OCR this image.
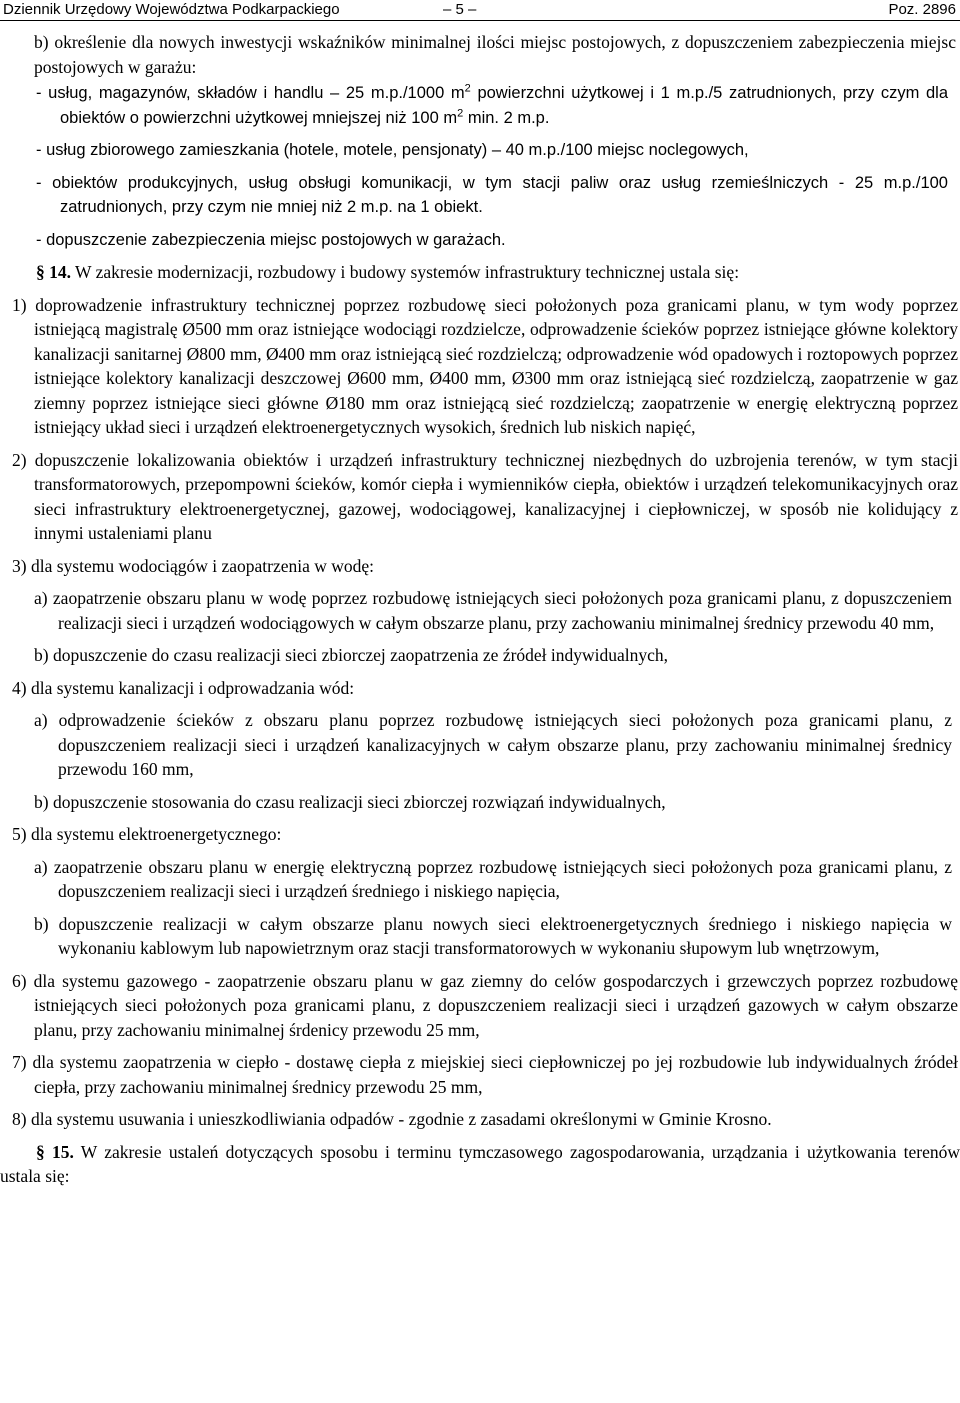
Dziennik Urzędowy Województwa Podkarpackiego	– 5 –	Poz. 2896

b) określenie dla nowych inwestycji wskaźników minimalnej ilości miejsc postojowych, z dopuszczeniem zabezpieczenia miejsc postojowych w garażu:

- usług, magazynów, składów i handlu – 25 m.p./1000 $m^2$ powierzchni użytkowej i 1 m.p./5 zatrudnionych, przy czym dla obiektów o powierzchni użytkowej mniejszej niż 100 $m^2$ min. 2 m.p.

- usług zbiorowego zamieszkania (hotele, motele, pensjonaty) – 40 m.p./100 miejsc noclegowych,

- obiektów produkcyjnych, usług obsługi komunikacji, w tym stacji paliw oraz usług rzemieślniczych - 25 m.p./100 zatrudnionych, przy czym nie mniej niż 2 m.p. na 1 obiekt.

- dopuszczenie zabezpieczenia miejsc postojowych w garażach.

§ 14. W zakresie modernizacji, rozbudowy i budowy systemów infrastruktury technicznej ustala się:

1) doprowadzenie infrastruktury technicznej poprzez rozbudowę sieci położonych poza granicami planu, w tym wody poprzez istniejącą magistralę Ø500 mm oraz istniejące wodociągi rozdzielcze, odprowadzenie ścieków poprzez istniejące główne kolektory kanalizacji sanitarnej Ø800 mm, Ø400 mm oraz istniejącą sieć rozdzielczą; odprowadzenie wód opadowych i roztopowych poprzez istniejące kolektory kanalizacji deszczowej Ø600 mm, Ø400 mm, Ø300 mm oraz istniejącą sieć rozdzielczą, zaopatrzenie w gaz ziemny poprzez istniejące sieci główne Ø180 mm oraz istniejącą sieć rozdzielczą; zaopatrzenie w energię elektryczną poprzez istniejący układ sieci i urządzeń elektroenergetycznych wysokich, średnich lub niskich napięć,

2) dopuszczenie lokalizowania obiektów i urządzeń infrastruktury technicznej niezbędnych do uzbrojenia terenów, w tym stacji transformatorowych, przepompowni ścieków, komór ciepła i wymienników ciepła, obiektów i urządzeń telekomunikacyjnych oraz sieci infrastruktury elektroenergetycznej, gazowej, wodociągowej, kanalizacyjnej i ciepłowniczej, w sposób nie kolidujący z innymi ustaleniami planu

3) dla systemu wodociągów i zaopatrzenia w wodę:

a) zaopatrzenie obszaru planu w wodę poprzez rozbudowę istniejących sieci położonych poza granicami planu, z dopuszczeniem realizacji sieci i urządzeń wodociągowych w całym obszarze planu, przy zachowaniu minimalnej średnicy przewodu 40 mm,

b) dopuszczenie do czasu realizacji sieci zbiorczej zaopatrzenia ze źródeł indywidualnych,

4) dla systemu kanalizacji i odprowadzania wód:

a) odprowadzenie ścieków z obszaru planu poprzez rozbudowę istniejących sieci położonych poza granicami planu, z dopuszczeniem realizacji sieci i urządzeń kanalizacyjnych w całym obszarze planu, przy zachowaniu minimalnej średnicy przewodu 160 mm,

b) dopuszczenie stosowania do czasu realizacji sieci zbiorczej rozwiązań indywidualnych,

5) dla systemu elektroenergetycznego:

a) zaopatrzenie obszaru planu w energię elektryczną poprzez rozbudowę istniejących sieci położonych poza granicami planu, z dopuszczeniem realizacji sieci i urządzeń średniego i niskiego napięcia,

b) dopuszczenie realizacji w całym obszarze planu nowych sieci elektroenergetycznych średniego i niskiego napięcia w wykonaniu kablowym lub napowietrznym oraz stacji transformatorowych w wykonaniu słupowym lub wnętrzowym,

6) dla systemu gazowego - zaopatrzenie obszaru planu w gaz ziemny do celów gospodarczych i grzewczych poprzez rozbudowę istniejących sieci położonych poza granicami planu, z dopuszczeniem realizacji sieci i urządzeń gazowych w całym obszarze planu, przy zachowaniu minimalnej śrdenicy przewodu 25 mm,

7) dla systemu zaopatrzenia w ciepło - dostawę ciepła z miejskiej sieci ciepłowniczej po jej rozbudowie lub indywidualnych źródeł ciepła, przy zachowaniu minimalnej średnicy przewodu 25 mm,

8) dla systemu usuwania i unieszkodliwiania odpadów - zgodnie z zasadami określonymi w Gminie Krosno.

§ 15. W zakresie ustaleń dotyczących sposobu i terminu tymczasowego zagospodarowania, urządzania i użytkowania terenów ustala się:
